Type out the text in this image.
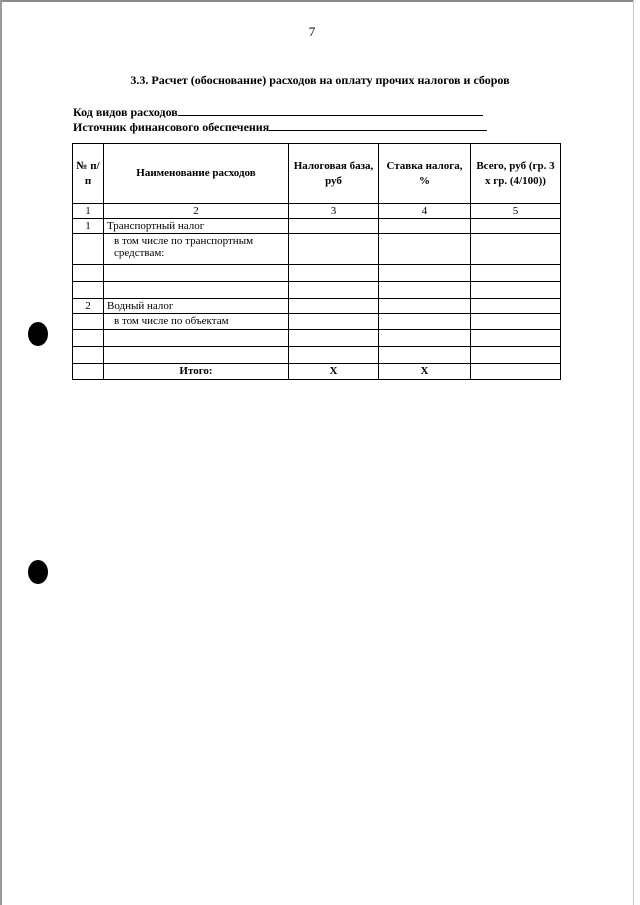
7
3.3. Расчет (обоснование) расходов на оплату прочих налогов и сборов
Код видов расходов
Источник финансового обеспечения
№ п/п	Наименование расходов	Налоговая база, руб	Ставка налога, %	Всего, руб (гр. 3 х гр. (4/100))
1	2	3	4	5
1	Транспортный налог			
	в том числе по транспортным средствам:			

2	Водный налог			
	в том числе по объектам			

	Итого:	X	X	
